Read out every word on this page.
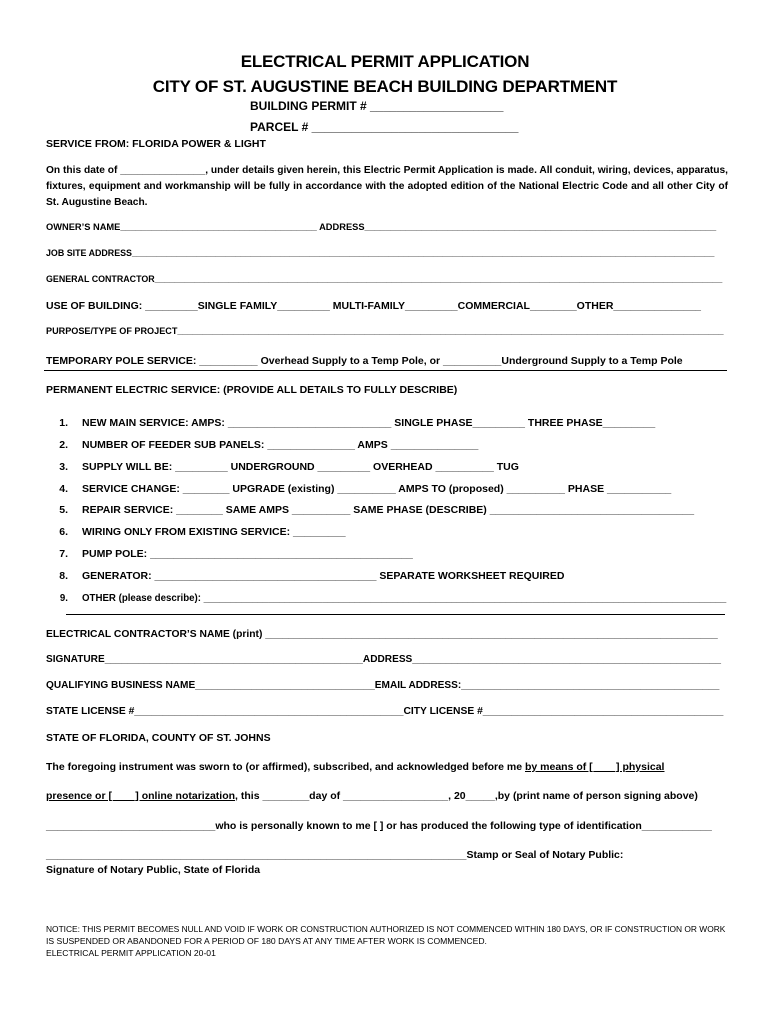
ELECTRICAL PERMIT APPLICATION
CITY OF ST. AUGUSTINE BEACH BUILDING DEPARTMENT
BUILDING PERMIT # ____________________
PARCEL # _______________________________
SERVICE FROM: FLORIDA POWER & LIGHT
On this date of _______________, under details given herein, this Electric Permit Application is made. All conduit, wiring, devices, apparatus, fixtures, equipment and workmanship will be fully in accordance with the adopted edition of the National Electric Code and all other City of St. Augustine Beach.
OWNER’S NAME______________________________________ ADDRESS____________________________________________________________________
JOB SITE ADDRESS______________________________________________________________________________________________________________________
GENERAL CONTRACTOR___________________________________________________________________________________________________________________
USE OF BUILDING: _________SINGLE FAMILY_________ MULTI-FAMILY_________COMMERCIAL________OTHER_______________
PURPOSE/TYPE OF PROJECT____________________________________________________________________________________________________________
TEMPORARY POLE SERVICE: __________ Overhead Supply to a Temp Pole, or __________Underground Supply to a Temp Pole
PERMANENT ELECTRIC SERVICE: (PROVIDE ALL DETAILS TO FULLY DESCRIBE)
1. NEW MAIN SERVICE: AMPS: ____________________________ SINGLE PHASE_________ THREE PHASE_________
2. NUMBER OF FEEDER SUB PANELS: _______________ AMPS _______________
3. SUPPLY WILL BE: _________ UNDERGROUND _________ OVERHEAD __________ TUG
4. SERVICE CHANGE: ________ UPGRADE (existing) __________ AMPS TO (proposed) __________ PHASE ___________
5. REPAIR SERVICE: ________ SAME AMPS __________ SAME PHASE (DESCRIBE) ___________________________________
6. WIRING ONLY FROM EXISTING SERVICE: _________
7. PUMP POLE: _____________________________________________
8. GENERATOR: ______________________________________ SEPARATE WORKSHEET REQUIRED
9. OTHER (please describe): _________________________________________________________________________________________________
ELECTRICAL CONTRACTOR’S NAME (print) _______________________________________________________________________________
SIGNATURE______________________________________________ADDRESS_______________________________________________________
QUALIFYING BUSINESS NAME________________________________EMAIL ADDRESS:______________________________________________
STATE LICENSE #_______________________________________________CITY LICENSE #__________________________________________
STATE OF FLORIDA, COUNTY OF ST. JOHNS
The foregoing instrument was sworn to (or affirmed), subscribed, and acknowledged before me by means of [____] physical
presence or [____] online notarization, this ________day of __________________, 20_____,by (print name of person signing above)
_____________________________who is personally known to me [ ] or has produced the following type of identification____________
________________________________________________________________________Stamp or Seal of Notary Public:
Signature of Notary Public, State of Florida
NOTICE: THIS PERMIT BECOMES NULL AND VOID IF WORK OR CONSTRUCTION AUTHORIZED IS NOT COMMENCED WITHIN 180 DAYS, OR IF CONSTRUCTION OR WORK
IS SUSPENDED OR ABANDONED FOR A PERIOD OF 180 DAYS AT ANY TIME AFTER WORK IS COMMENCED.
ELECTRICAL PERMIT APPLICATION 20-01
